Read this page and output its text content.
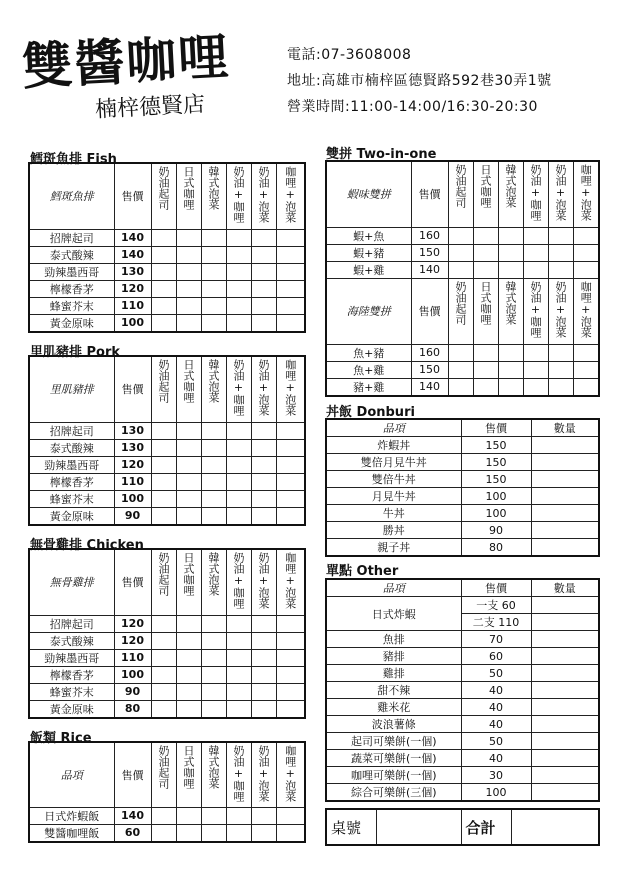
雙醬咖哩
楠梓德賢店
電話:07-3608008
地址:高雄市楠梓區德賢路592巷30弄1號
營業時間:11:00-14:00/16:30-20:30
鱈斑魚排 Fish
鱈斑魚排	售價	奶油起司	日式咖哩	韓式泡菜	奶油+咖哩	奶油+泡菜	咖哩+泡菜
招牌起司	140						
泰式酸辣	140						
勁辣墨西哥	130						
檸檬香茅	120						
蜂蜜芥末	110						
黃金原味	100						
里肌豬排 Pork
里肌豬排	售價	奶油起司	日式咖哩	韓式泡菜	奶油+咖哩	奶油+泡菜	咖哩+泡菜
招牌起司	130						
泰式酸辣	130						
勁辣墨西哥	120						
檸檬香茅	110						
蜂蜜芥末	100						
黃金原味	90						
無骨雞排 Chicken
無骨雞排	售價	奶油起司	日式咖哩	韓式泡菜	奶油+咖哩	奶油+泡菜	咖哩+泡菜
招牌起司	120						
泰式酸辣	120						
勁辣墨西哥	110						
檸檬香茅	100						
蜂蜜芥末	90						
黃金原味	80						
飯類 Rice
品項	售價	奶油起司	日式咖哩	韓式泡菜	奶油+咖哩	奶油+泡菜	咖哩+泡菜
日式炸蝦飯	140						
雙醬咖哩飯	60						
雙拼 Two-in-one
蝦味雙拼	售價	奶油起司	日式咖哩	韓式泡菜	奶油+咖哩	奶油+泡菜	咖哩+泡菜
蝦+魚	160						
蝦+豬	150						
蝦+雞	140						
海陸雙拼	售價	奶油起司	日式咖哩	韓式泡菜	奶油+咖哩	奶油+泡菜	咖哩+泡菜
魚+豬	160						
魚+雞	150						
豬+雞	140						
丼飯 Donburi
品項	售價	數量
炸蝦丼	150	
雙倍月見牛丼	150	
雙倍牛丼	150	
月見牛丼	100	
牛丼	100	
勝丼	90	
親子丼	80	
單點 Other
品項	售價	數量
日式炸蝦	一支 60	
	二支 110	
魚排	70	
豬排	60	
雞排	50	
甜不辣	40	
雞米花	40	
波浪薯條	40	
起司可樂餅(一個)	50	
蔬菜可樂餅(一個)	40	
咖哩可樂餅(一個)	30	
綜合可樂餅(三個)	100	
桌號		合計	
